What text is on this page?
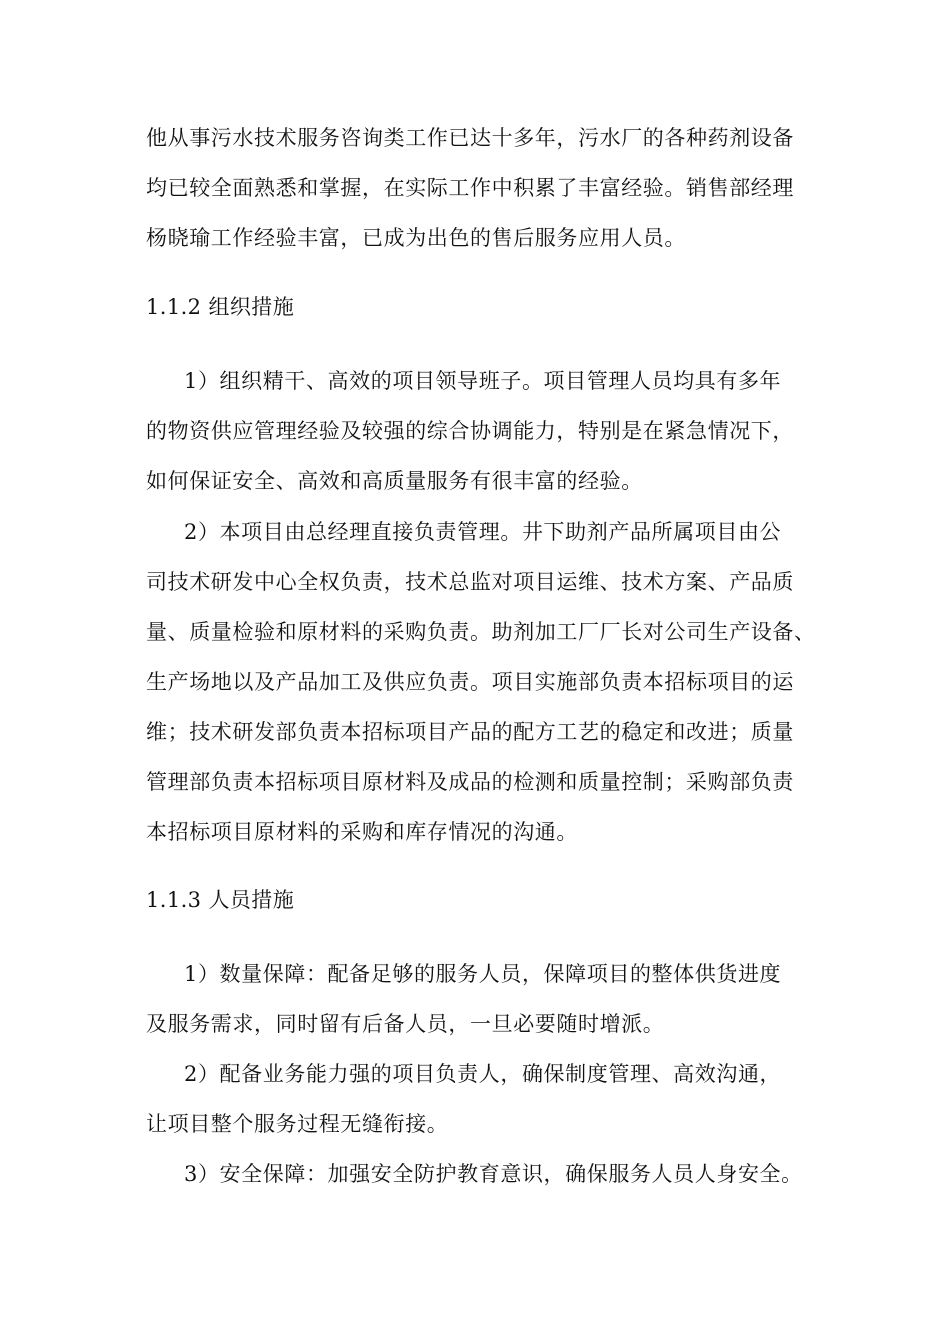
他从事污水技术服务咨询类工作已达十多年，污水厂的各种药剂设备
均已较全面熟悉和掌握，在实际工作中积累了丰富经验。销售部经理
杨晓瑜工作经验丰富，已成为出色的售后服务应用人员。
1.1.2 组织措施
1）组织精干、高效的项目领导班子。项目管理人员均具有多年
的物资供应管理经验及较强的综合协调能力，特别是在紧急情况下，
如何保证安全、高效和高质量服务有很丰富的经验。
2）本项目由总经理直接负责管理。井下助剂产品所属项目由公
司技术研发中心全权负责，技术总监对项目运维、技术方案、产品质
量、质量检验和原材料的采购负责。助剂加工厂厂长对公司生产设备、
生产场地以及产品加工及供应负责。项目实施部负责本招标项目的运
维；技术研发部负责本招标项目产品的配方工艺的稳定和改进；质量
管理部负责本招标项目原材料及成品的检测和质量控制；采购部负责
本招标项目原材料的采购和库存情况的沟通。
1.1.3 人员措施
1）数量保障：配备足够的服务人员，保障项目的整体供货进度
及服务需求，同时留有后备人员，一旦必要随时增派。
2）配备业务能力强的项目负责人，确保制度管理、高效沟通，
让项目整个服务过程无缝衔接。
3）安全保障：加强安全防护教育意识，确保服务人员人身安全。
